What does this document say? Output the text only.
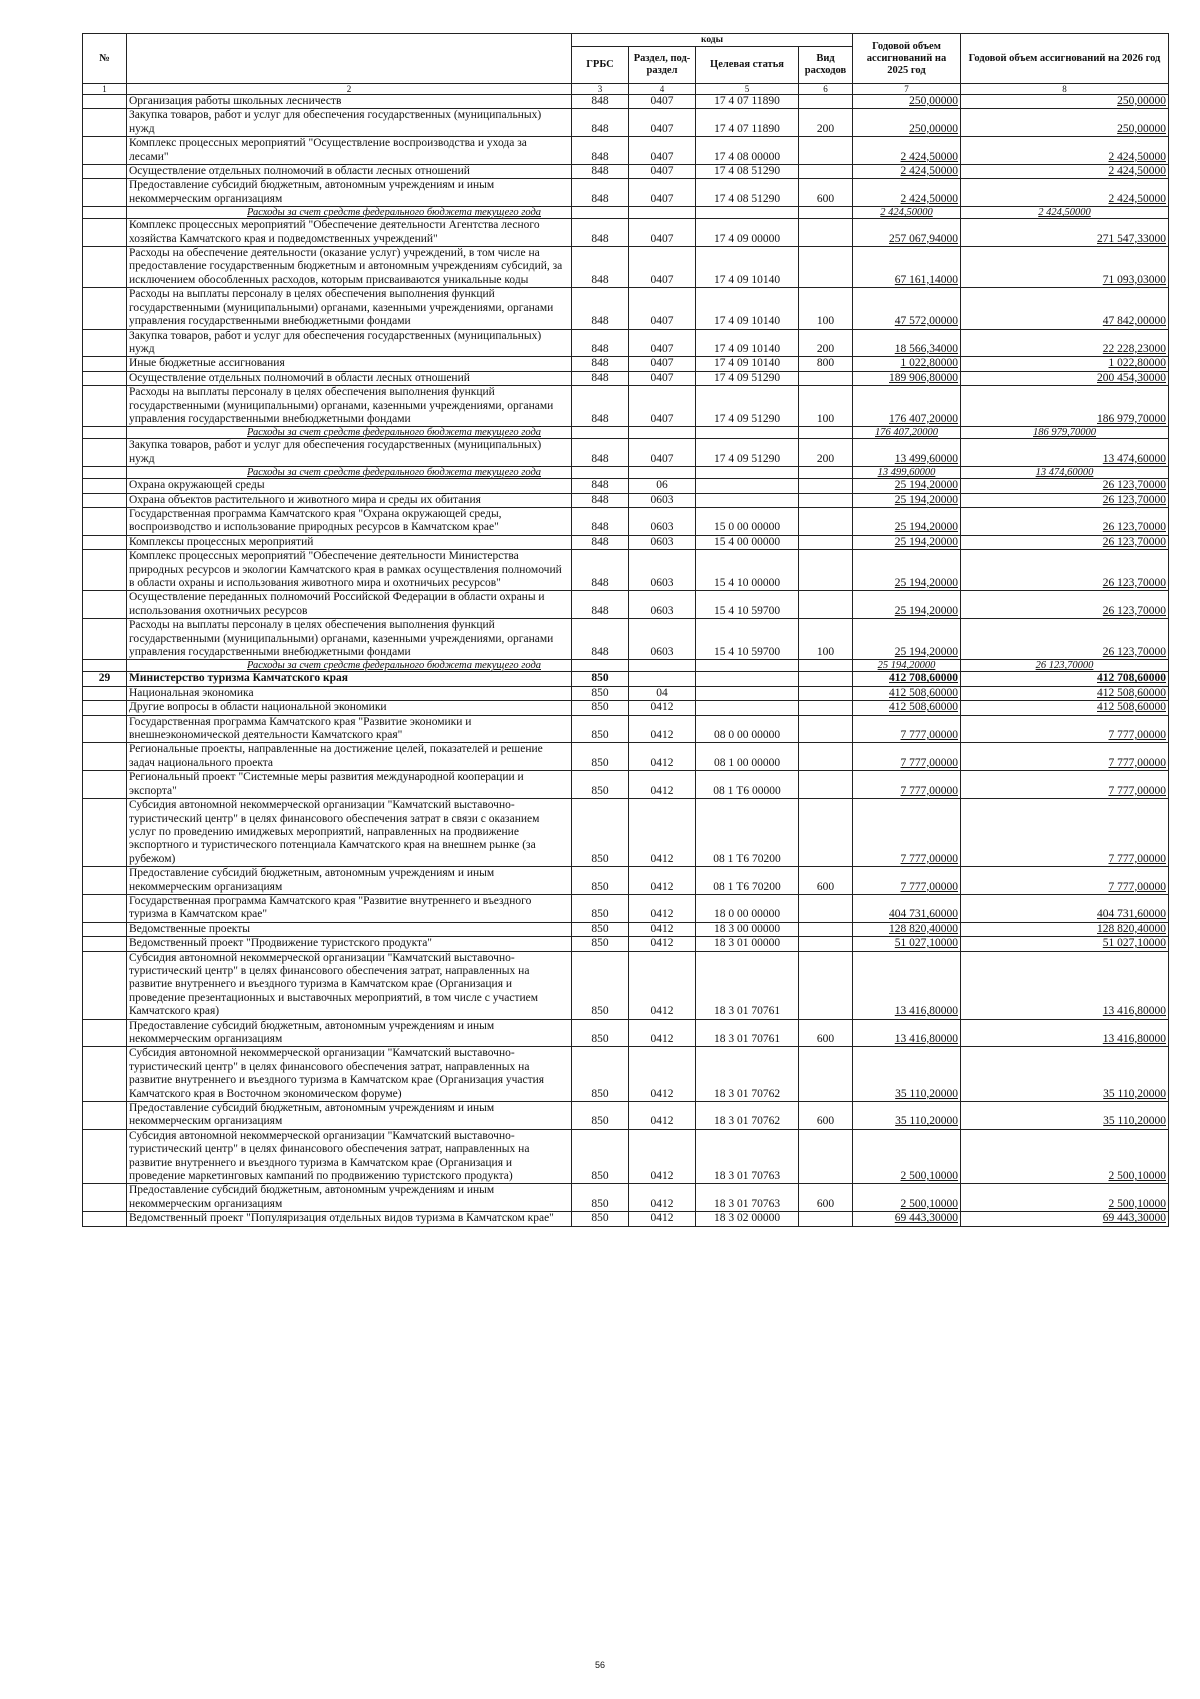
№		коды				Годовой объем ассигнований на 2025 год	Годовой объем ассигнований на 2026 год
		ГРБС	Раздел, под-раздел	Целевая статья	Вид расходов		
1	2	3	4	5	6	7	8
	Организация работы школьных лесничеств	848	0407	17 4 07 11890		250,00000	250,00000
	Закупка товаров, работ и услуг для обеспечения государственных (муниципальных) нужд	848	0407	17 4 07 11890	200	250,00000	250,00000
	Комплекс процессных мероприятий "Осуществление воспроизводства и ухода за лесами"	848	0407	17 4 08 00000		2 424,50000	2 424,50000
	Осуществление отдельных полномочий в области лесных отношений	848	0407	17 4 08 51290		2 424,50000	2 424,50000
	Предоставление субсидий бюджетным, автономным учреждениям и иным некоммерческим организациям	848	0407	17 4 08 51290	600	2 424,50000	2 424,50000
	Расходы за счет средств федерального бюджета текущего года					2 424,50000	2 424,50000
	Комплекс процессных мероприятий "Обеспечение деятельности Агентства лесного хозяйства Камчатского края и подведомственных учреждений"	848	0407	17 4 09 00000		257 067,94000	271 547,33000
	Расходы на обеспечение деятельности (оказание услуг) учреждений, в том числе на предоставление государственным бюджетным и автономным учреждениям субсидий, за исключением обособленных расходов, которым присваиваются уникальные коды	848	0407	17 4 09 10140		67 161,14000	71 093,03000
	Расходы на выплаты персоналу в целях обеспечения выполнения функций государственными (муниципальными) органами, казенными учреждениями, органами управления государственными внебюджетными фондами	848	0407	17 4 09 10140	100	47 572,00000	47 842,00000
	Закупка товаров, работ и услуг для обеспечения государственных (муниципальных) нужд	848	0407	17 4 09 10140	200	18 566,34000	22 228,23000
	Иные бюджетные ассигнования	848	0407	17 4 09 10140	800	1 022,80000	1 022,80000
	Осуществление отдельных полномочий в области лесных отношений	848	0407	17 4 09 51290		189 906,80000	200 454,30000
	Расходы на выплаты персоналу в целях обеспечения выполнения функций государственными (муниципальными) органами, казенными учреждениями, органами управления государственными внебюджетными фондами	848	0407	17 4 09 51290	100	176 407,20000	186 979,70000
	Расходы за счет средств федерального бюджета текущего года					176 407,20000	186 979,70000
	Закупка товаров, работ и услуг для обеспечения государственных (муниципальных) нужд	848	0407	17 4 09 51290	200	13 499,60000	13 474,60000
	Расходы за счет средств федерального бюджета текущего года					13 499,60000	13 474,60000
	Охрана окружающей среды	848	06			25 194,20000	26 123,70000
	Охрана объектов растительного и животного мира и среды их обитания	848	0603			25 194,20000	26 123,70000
	Государственная программа Камчатского края "Охрана окружающей среды, воспроизводство и использование природных ресурсов в Камчатском крае"	848	0603	15 0 00 00000		25 194,20000	26 123,70000
	Комплексы процессных мероприятий	848	0603	15 4 00 00000		25 194,20000	26 123,70000
	Комплекс процессных мероприятий "Обеспечение деятельности Министерства природных ресурсов и экологии Камчатского края в рамках осуществления полномочий в области охраны и использования животного мира и охотничьих ресурсов"	848	0603	15 4 10 00000		25 194,20000	26 123,70000
	Осуществление переданных полномочий Российской Федерации в области охраны и использования охотничьих ресурсов	848	0603	15 4 10 59700		25 194,20000	26 123,70000
	Расходы на выплаты персоналу в целях обеспечения выполнения функций государственными (муниципальными) органами, казенными учреждениями, органами управления государственными внебюджетными фондами	848	0603	15 4 10 59700	100	25 194,20000	26 123,70000
	Расходы за счет средств федерального бюджета текущего года					25 194,20000	26 123,70000
29	Министерство туризма Камчатского края	850				412 708,60000	412 708,60000
	Национальная экономика	850	04			412 508,60000	412 508,60000
	Другие вопросы в области национальной экономики	850	0412			412 508,60000	412 508,60000
	Государственная программа Камчатского края "Развитие экономики и внешнеэкономической деятельности Камчатского края"	850	0412	08 0 00 00000		7 777,00000	7 777,00000
	Региональные проекты, направленные на достижение целей, показателей и решение задач национального проекта	850	0412	08 1 00 00000		7 777,00000	7 777,00000
	Региональный проект "Системные меры развития международной кооперации и экспорта"	850	0412	08 1 Т6 00000		7 777,00000	7 777,00000
	Субсидия автономной некоммерческой организации "Камчатский выставочно-туристический центр" в целях финансового обеспечения затрат в связи с оказанием услуг по проведению имиджевых мероприятий, направленных на продвижение экспортного и туристического потенциала Камчатского края на внешнем рынке (за рубежом)	850	0412	08 1 Т6 70200		7 777,00000	7 777,00000
	Предоставление субсидий бюджетным, автономным учреждениям и иным некоммерческим организациям	850	0412	08 1 Т6 70200	600	7 777,00000	7 777,00000
	Государственная программа Камчатского края "Развитие внутреннего и въездного туризма в Камчатском крае"	850	0412	18 0 00 00000		404 731,60000	404 731,60000
	Ведомственные проекты	850	0412	18 3 00 00000		128 820,40000	128 820,40000
	Ведомственный проект "Продвижение туристского продукта"	850	0412	18 3 01 00000		51 027,10000	51 027,10000
	Субсидия автономной некоммерческой организации "Камчатский выставочно-туристический центр" в целях финансового обеспечения затрат, направленных на развитие внутреннего и въездного туризма в Камчатском крае (Организация и проведение презентационных и выставочных мероприятий, в том числе с участием Камчатского края)	850	0412	18 3 01 70761		13 416,80000	13 416,80000
	Предоставление субсидий бюджетным, автономным учреждениям и иным некоммерческим организациям	850	0412	18 3 01 70761	600	13 416,80000	13 416,80000
	Субсидия автономной некоммерческой организации "Камчатский выставочно-туристический центр" в целях финансового обеспечения затрат, направленных на развитие внутреннего и въездного туризма в Камчатском крае (Организация участия Камчатского края в Восточном экономическом форуме)	850	0412	18 3 01 70762		35 110,20000	35 110,20000
	Предоставление субсидий бюджетным, автономным учреждениям и иным некоммерческим организациям	850	0412	18 3 01 70762	600	35 110,20000	35 110,20000
	Субсидия автономной некоммерческой организации "Камчатский выставочно-туристический центр" в целях финансового обеспечения затрат, направленных на развитие внутреннего и въездного туризма в Камчатском крае (Организация и проведение маркетинговых кампаний по продвижению туристского продукта)	850	0412	18 3 01 70763		2 500,10000	2 500,10000
	Предоставление субсидий бюджетным, автономным учреждениям и иным некоммерческим организациям	850	0412	18 3 01 70763	600	2 500,10000	2 500,10000
	Ведомственный проект "Популяризация отдельных видов туризма в Камчатском крае"	850	0412	18 3 02 00000		69 443,30000	69 443,30000
56
